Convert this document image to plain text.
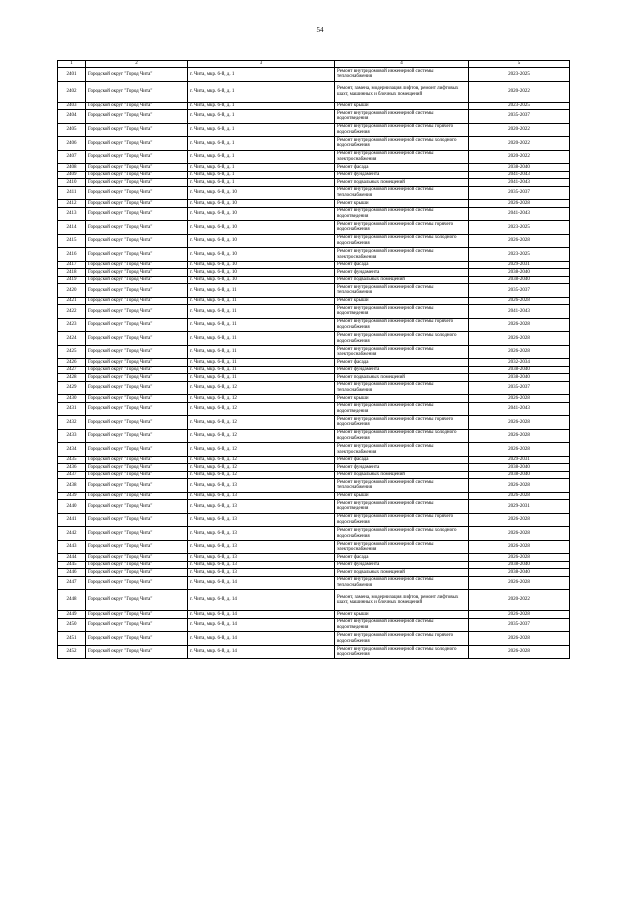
54
1	2	3	4	5
2401	Городской округ "Город Чита"	г. Чита, мкр. 6-й, д. 1	Ремонт внутридомовой инженерной системы теплоснабжения	2023-2025
2402	Городской округ "Город Чита"	г. Чита, мкр. 6-й, д. 1	Ремонт, замена, модернизация лифтов, ремонт лифтовых шахт, машинных и блочных помещений	2020-2022
2403	Городской округ "Город Чита"	г. Чита, мкр. 6-й, д. 1	Ремонт крыши	2023-2025
2404	Городской округ "Город Чита"	г. Чита, мкр. 6-й, д. 1	Ремонт внутридомовой инженерной системы водоотведения	2035-2037
2405	Городской округ "Город Чита"	г. Чита, мкр. 6-й, д. 1	Ремонт внутридомовой инженерной системы горячего водоснабжения	2020-2022
2406	Городской округ "Город Чита"	г. Чита, мкр. 6-й, д. 1	Ремонт внутридомовой инженерной системы холодного водоснабжения	2020-2022
2407	Городской округ "Город Чита"	г. Чита, мкр. 6-й, д. 1	Ремонт внутридомовой инженерной системы электроснабжения	2020-2022
2408	Городской округ "Город Чита"	г. Чита, мкр. 6-й, д. 1	Ремонт фасада	2038-2040
2409	Городской округ "Город Чита"	г. Чита, мкр. 6-й, д. 1	Ремонт фундамента	2041-2043
2410	Городской округ "Город Чита"	г. Чита, мкр. 6-й, д. 1	Ремонт подвальных помещений	2041-2043
2411	Городской округ "Город Чита"	г. Чита, мкр. 6-й, д. 10	Ремонт внутридомовой инженерной системы теплоснабжения	2035-2037
2412	Городской округ "Город Чита"	г. Чита, мкр. 6-й, д. 10	Ремонт крыши	2026-2028
2413	Городской округ "Город Чита"	г. Чита, мкр. 6-й, д. 10	Ремонт внутридомовой инженерной системы водоотведения	2041-2043
2414	Городской округ "Город Чита"	г. Чита, мкр. 6-й, д. 10	Ремонт внутридомовой инженерной системы горячего водоснабжения	2023-2025
2415	Городской округ "Город Чита"	г. Чита, мкр. 6-й, д. 10	Ремонт внутридомовой инженерной системы холодного водоснабжения	2026-2028
2416	Городской округ "Город Чита"	г. Чита, мкр. 6-й, д. 10	Ремонт внутридомовой инженерной системы электроснабжения	2023-2025
2417	Городской округ "Город Чита"	г. Чита, мкр. 6-й, д. 10	Ремонт фасада	2029-2031
2418	Городской округ "Город Чита"	г. Чита, мкр. 6-й, д. 10	Ремонт фундамента	2038-2040
2419	Городской округ "Город Чита"	г. Чита, мкр. 6-й, д. 10	Ремонт подвальных помещений	2038-2040
2420	Городской округ "Город Чита"	г. Чита, мкр. 6-й, д. 11	Ремонт внутридомовой инженерной системы теплоснабжения	2035-2037
2421	Городской округ "Город Чита"	г. Чита, мкр. 6-й, д. 11	Ремонт крыши	2026-2028
2422	Городской округ "Город Чита"	г. Чита, мкр. 6-й, д. 11	Ремонт внутридомовой инженерной системы водоотведения	2041-2043
2423	Городской округ "Город Чита"	г. Чита, мкр. 6-й, д. 11	Ремонт внутридомовой инженерной системы горячего водоснабжения	2026-2028
2424	Городской округ "Город Чита"	г. Чита, мкр. 6-й, д. 11	Ремонт внутридомовой инженерной системы холодного водоснабжения	2026-2028
2425	Городской округ "Город Чита"	г. Чита, мкр. 6-й, д. 11	Ремонт внутридомовой инженерной системы электроснабжения	2026-2028
2426	Городской округ "Город Чита"	г. Чита, мкр. 6-й, д. 11	Ремонт фасада	2032-2034
2427	Городской округ "Город Чита"	г. Чита, мкр. 6-й, д. 11	Ремонт фундамента	2038-2040
2428	Городской округ "Город Чита"	г. Чита, мкр. 6-й, д. 11	Ремонт подвальных помещений	2038-2040
2429	Городской округ "Город Чита"	г. Чита, мкр. 6-й, д. 12	Ремонт внутридомовой инженерной системы теплоснабжения	2035-2037
2430	Городской округ "Город Чита"	г. Чита, мкр. 6-й, д. 12	Ремонт крыши	2026-2028
2431	Городской округ "Город Чита"	г. Чита, мкр. 6-й, д. 12	Ремонт внутридомовой инженерной системы водоотведения	2041-2043
2432	Городской округ "Город Чита"	г. Чита, мкр. 6-й, д. 12	Ремонт внутридомовой инженерной системы горячего водоснабжения	2026-2028
2433	Городской округ "Город Чита"	г. Чита, мкр. 6-й, д. 12	Ремонт внутридомовой инженерной системы холодного водоснабжения	2026-2028
2434	Городской округ "Город Чита"	г. Чита, мкр. 6-й, д. 12	Ремонт внутридомовой инженерной системы электроснабжения	2026-2028
2435	Городской округ "Город Чита"	г. Чита, мкр. 6-й, д. 12	Ремонт фасада	2029-2031
2436	Городской округ "Город Чита"	г. Чита, мкр. 6-й, д. 12	Ремонт фундамента	2038-2040
2437	Городской округ "Город Чита"	г. Чита, мкр. 6-й, д. 12	Ремонт подвальных помещений	2038-2040
2438	Городской округ "Город Чита"	г. Чита, мкр. 6-й, д. 13	Ремонт внутридомовой инженерной системы теплоснабжения	2026-2028
2439	Городской округ "Город Чита"	г. Чита, мкр. 6-й, д. 13	Ремонт крыши	2026-2028
2440	Городской округ "Город Чита"	г. Чита, мкр. 6-й, д. 13	Ремонт внутридомовой инженерной системы водоотведения	2029-2031
2441	Городской округ "Город Чита"	г. Чита, мкр. 6-й, д. 13	Ремонт внутридомовой инженерной системы горячего водоснабжения	2026-2028
2442	Городской округ "Город Чита"	г. Чита, мкр. 6-й, д. 13	Ремонт внутридомовой инженерной системы холодного водоснабжения	2026-2028
2443	Городской округ "Город Чита"	г. Чита, мкр. 6-й, д. 13	Ремонт внутридомовой инженерной системы электроснабжения	2026-2028
2444	Городской округ "Город Чита"	г. Чита, мкр. 6-й, д. 13	Ремонт фасада	2026-2028
2445	Городской округ "Город Чита"	г. Чита, мкр. 6-й, д. 13	Ремонт фундамента	2038-2040
2446	Городской округ "Город Чита"	г. Чита, мкр. 6-й, д. 13	Ремонт подвальных помещений	2038-2040
2447	Городской округ "Город Чита"	г. Чита, мкр. 6-й, д. 14	Ремонт внутридомовой инженерной системы теплоснабжения	2026-2028
2448	Городской округ "Город Чита"	г. Чита, мкр. 6-й, д. 14	Ремонт, замена, модернизация лифтов, ремонт лифтовых шахт, машинных и блочных помещений	2020-2022
2449	Городской округ "Город Чита"	г. Чита, мкр. 6-й, д. 14	Ремонт крыши	2026-2028
2450	Городской округ "Город Чита"	г. Чита, мкр. 6-й, д. 14	Ремонт внутридомовой инженерной системы водоотведения	2035-2037
2451	Городской округ "Город Чита"	г. Чита, мкр. 6-й, д. 14	Ремонт внутридомовой инженерной системы горячего водоснабжения	2026-2028
2452	Городской округ "Город Чита"	г. Чита, мкр. 6-й, д. 14	Ремонт внутридомовой инженерной системы холодного водоснабжения	2026-2028
